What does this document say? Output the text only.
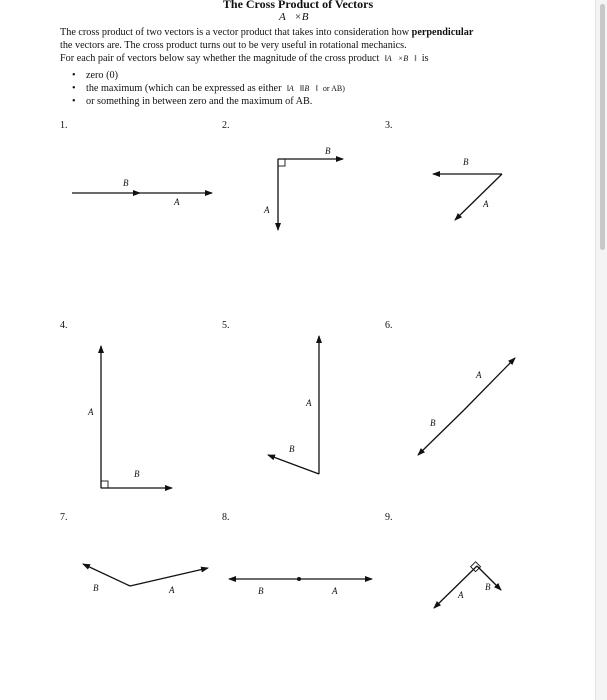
The Cross Product of Vectors
A⃗×B⃗

The cross product of two vectors is a vector product that takes into consideration how perpendicular

the vectors are. The cross product turns out to be very useful in rotational mechanics.

For each pair of vectors below say whether the magnitude of the cross product ‖A⃗×B⃗‖ is

• zero (0)
• the maximum (which can be expressed as either ‖A⃗‖‖B⃗‖ or AB)
• or something in between zero and the maximum of AB.
1.	2.	3.
4.	5.	6.
7.	8.	9.
B⃗
A⃗
B⃗
A⃗
B⃗
A⃗
A⃗
B⃗
A⃗
B⃗
A⃗
B⃗
B⃗	A⃗	B⃗	A⃗	A⃗
B⃗
